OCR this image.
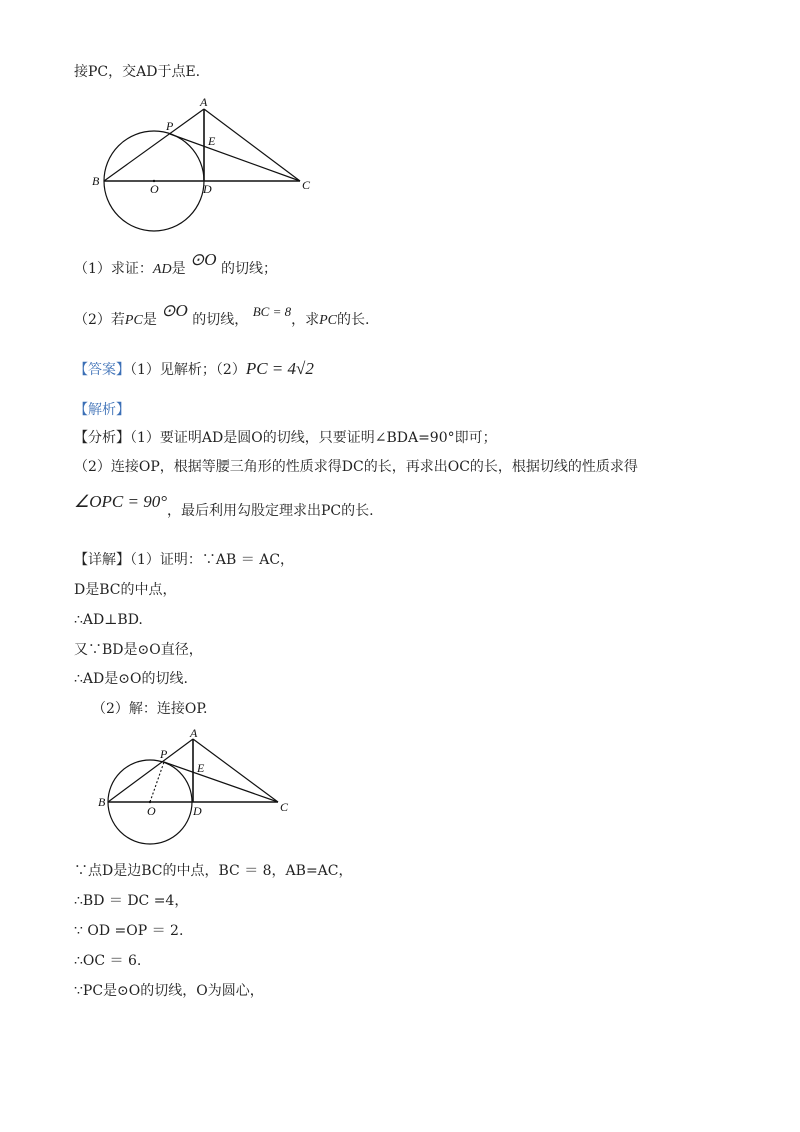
接PC，交AD于点E.
A
P
E
B
O	D	C
（1）求证：AD是 ⊙O 的切线；
（2）若PC是 ⊙O 的切线， BC = 8，求PC的长.
【答案】（1）见解析；（2）PC = 4√2
【解析】
【分析】（1）要证明AD是圆O的切线，只要证明∠BDA=90°即可；
（2）连接OP，根据等腰三角形的性质求得DC的长，再求出OC的长，根据切线的性质求得
∠OPC = 90°，最后利用勾股定理求出PC的长.
【详解】（1）证明：∵AB ＝ AC，
D是BC的中点，
∴AD⊥BD.
又∵BD是⊙O直径，
∴AD是⊙O的切线.
（2）解：连接OP.
A
P
E
B
O	D	C
∵点D是边BC的中点，BC ＝ 8，AB=AC，
∴BD ＝ DC =4，
∵ OD =OP ＝ 2.
∴OC ＝ 6.
∵PC是⊙O的切线，O为圆心，
